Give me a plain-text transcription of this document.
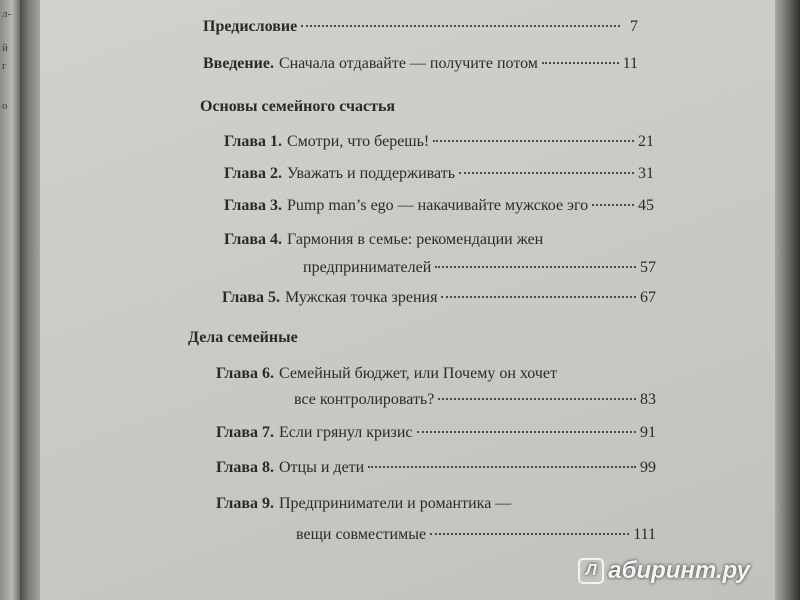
л-
й
г
о
Предисловие	7
Введение. Сначала отдавайте — получите потом	11
Основы семейного счастья
Глава 1. Смотри, что берешь!	21
Глава 2. Уважать и поддерживать	31
Глава 3. Pump man’s ego — накачивайте мужское эго	45
Глава 4. Гармония в семье: рекомендации жен
предпринимателей	57
Глава 5. Мужская точка зрения	67
Дела семейные
Глава 6. Семейный бюджет, или Почему он хочет
все контролировать?	83
Глава 7. Если грянул кризис	91
Глава 8. Отцы и дети	99
Глава 9. Предприниматели и романтика —
вещи совместимые	111
Л абиринт.ру
